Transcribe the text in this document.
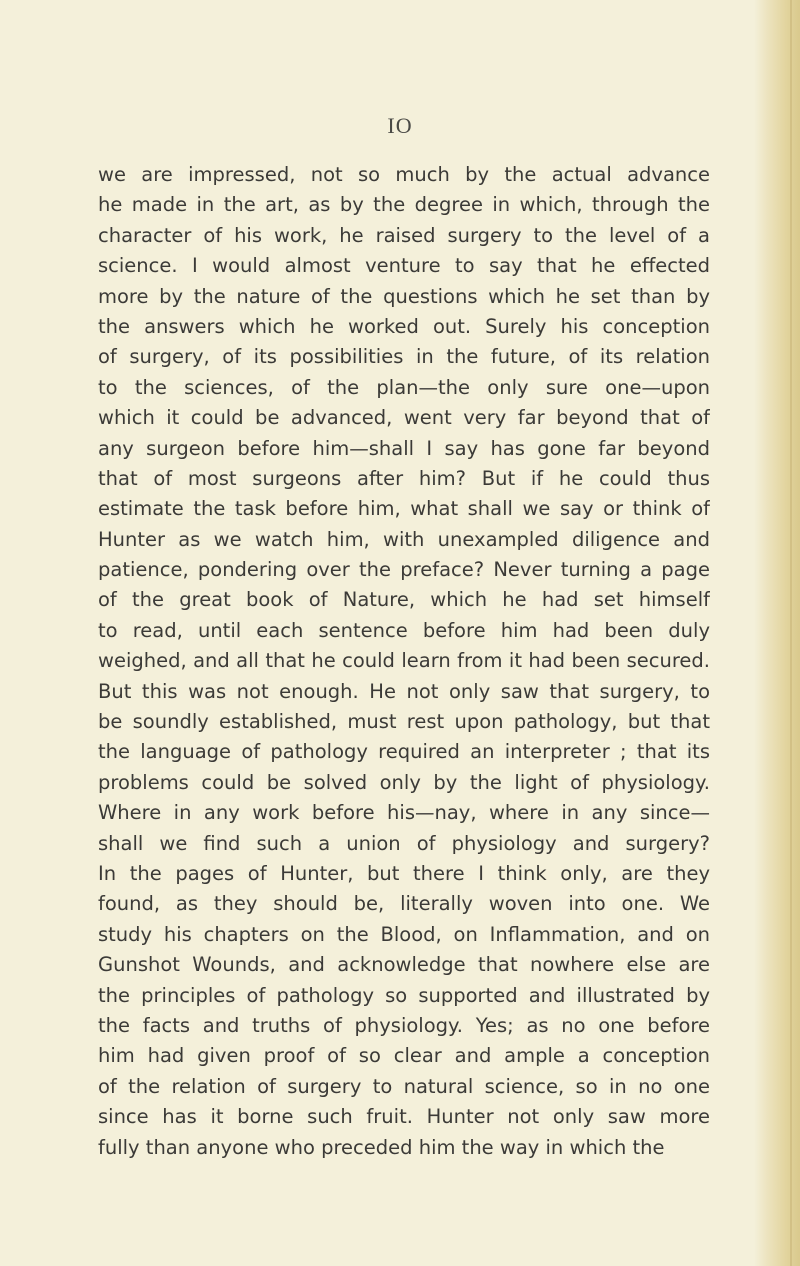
IO
we are impressed, not so much by the actual advance
he made in the art, as by the degree in which, through the
character of his work, he raised surgery to the level of a
science. I would almost venture to say that he effected
more by the nature of the questions which he set than by
the answers which he worked out. Surely his conception
of surgery, of its possibilities in the future, of its relation
to the sciences, of the plan—the only sure one—upon
which it could be advanced, went very far beyond that of
any surgeon before him—shall I say has gone far beyond
that of most surgeons after him? But if he could thus
estimate the task before him, what shall we say or think of
Hunter as we watch him, with unexampled diligence and
patience, pondering over the preface? Never turning a page
of the great book of Nature, which he had set himself
to read, until each sentence before him had been duly
weighed, and all that he could learn from it had been secured.
But this was not enough. He not only saw that surgery, to
be soundly established, must rest upon pathology, but that
the language of pathology required an interpreter ; that its
problems could be solved only by the light of physiology.
Where in any work before his—nay, where in any since—
shall we find such a union of physiology and surgery?
In the pages of Hunter, but there I think only, are they
found, as they should be, literally woven into one. We
study his chapters on the Blood, on Inflammation, and on
Gunshot Wounds, and acknowledge that nowhere else are
the principles of pathology so supported and illustrated by
the facts and truths of physiology. Yes; as no one before
him had given proof of so clear and ample a conception
of the relation of surgery to natural science, so in no one
since has it borne such fruit. Hunter not only saw more
fully than anyone who preceded him the way in which the
